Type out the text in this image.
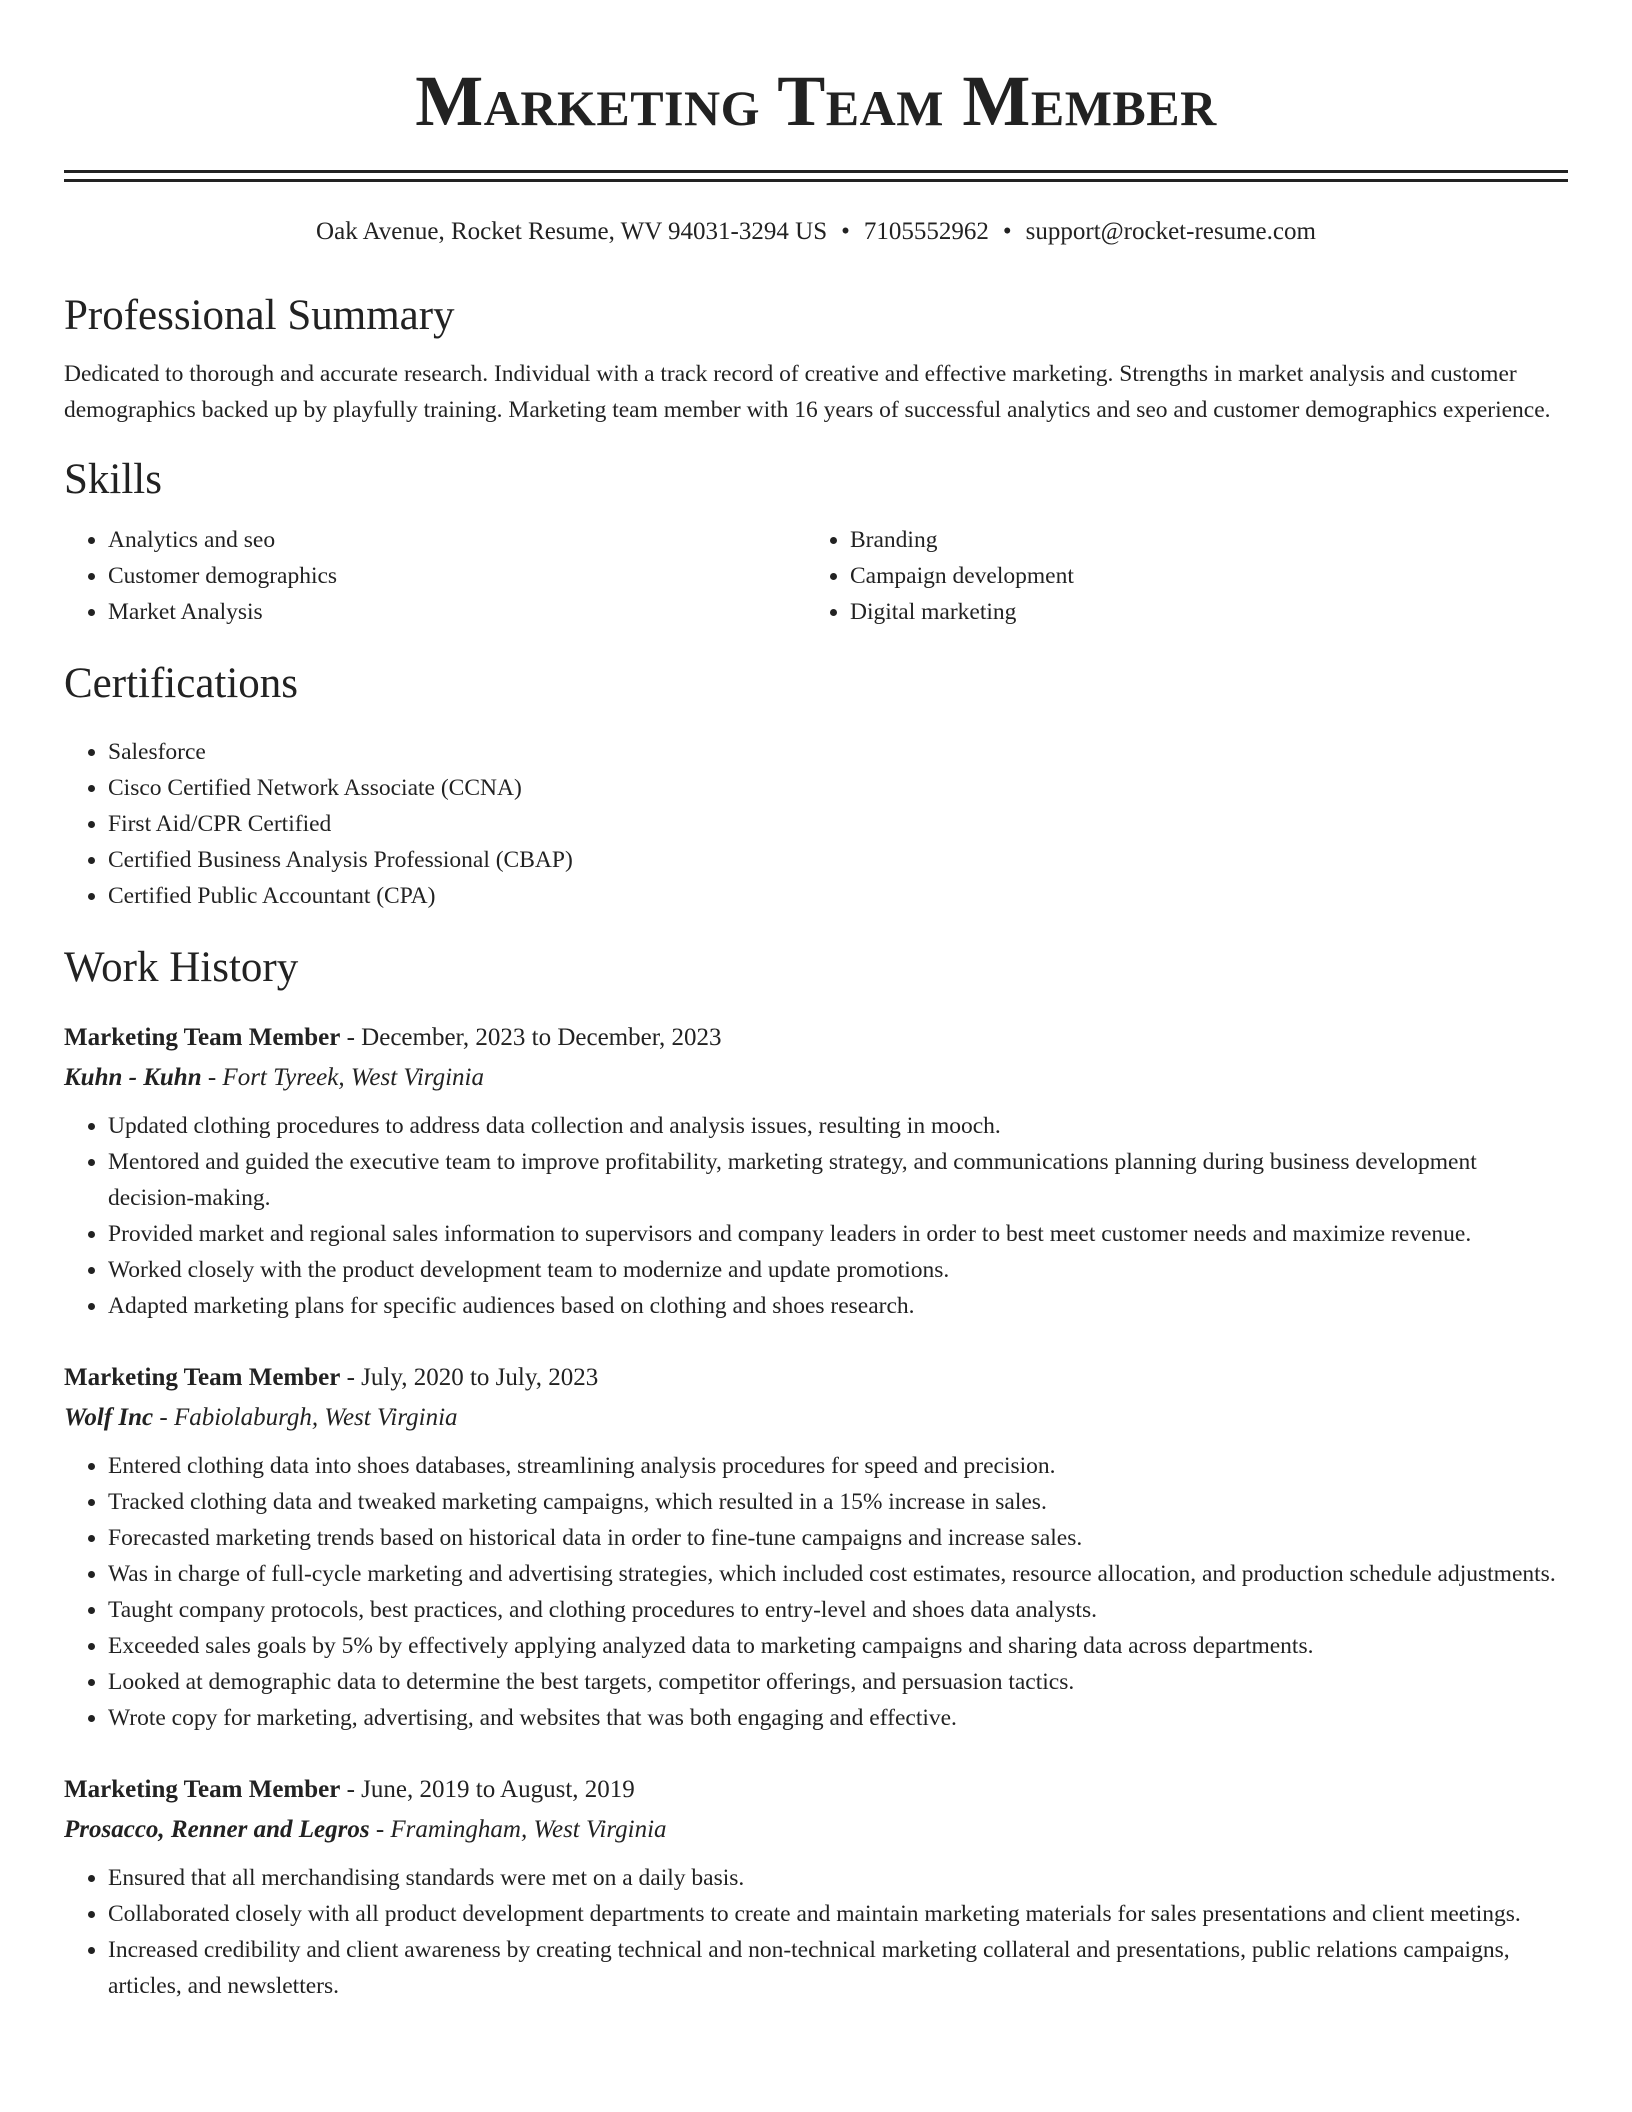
Marketing Team Member
Oak Avenue, Rocket Resume, WV 94031-3294 US • 7105552962 • support@rocket-resume.com
Professional Summary

Dedicated to thorough and accurate research. Individual with a track record of creative and effective marketing. Strengths in market analysis and customer demographics backed up by playfully training. Marketing team member with 16 years of successful analytics and seo and customer demographics experience.

Skills
• Analytics and seo
• Customer demographics
• Market Analysis
• Branding
• Campaign development
• Digital marketing
Certifications
• Salesforce
• Cisco Certified Network Associate (CCNA)
• First Aid/CPR Certified
• Certified Business Analysis Professional (CBAP)
• Certified Public Accountant (CPA)
Work History
Marketing Team Member - December, 2023 to December, 2023
Kuhn - Kuhn - Fort Tyreek, West Virginia
• Updated clothing procedures to address data collection and analysis issues, resulting in mooch.
• Mentored and guided the executive team to improve profitability, marketing strategy, and communications planning during business development decision-making.
• Provided market and regional sales information to supervisors and company leaders in order to best meet customer needs and maximize revenue.
• Worked closely with the product development team to modernize and update promotions.
• Adapted marketing plans for specific audiences based on clothing and shoes research.
Marketing Team Member - July, 2020 to July, 2023
Wolf Inc - Fabiolaburgh, West Virginia
• Entered clothing data into shoes databases, streamlining analysis procedures for speed and precision.
• Tracked clothing data and tweaked marketing campaigns, which resulted in a 15% increase in sales.
• Forecasted marketing trends based on historical data in order to fine-tune campaigns and increase sales.
• Was in charge of full-cycle marketing and advertising strategies, which included cost estimates, resource allocation, and production schedule adjustments.
• Taught company protocols, best practices, and clothing procedures to entry-level and shoes data analysts.
• Exceeded sales goals by 5% by effectively applying analyzed data to marketing campaigns and sharing data across departments.
• Looked at demographic data to determine the best targets, competitor offerings, and persuasion tactics.
• Wrote copy for marketing, advertising, and websites that was both engaging and effective.
Marketing Team Member - June, 2019 to August, 2019
Prosacco, Renner and Legros - Framingham, West Virginia
• Ensured that all merchandising standards were met on a daily basis.
• Collaborated closely with all product development departments to create and maintain marketing materials for sales presentations and client meetings.
• Increased credibility and client awareness by creating technical and non-technical marketing collateral and presentations, public relations campaigns, articles, and newsletters.
